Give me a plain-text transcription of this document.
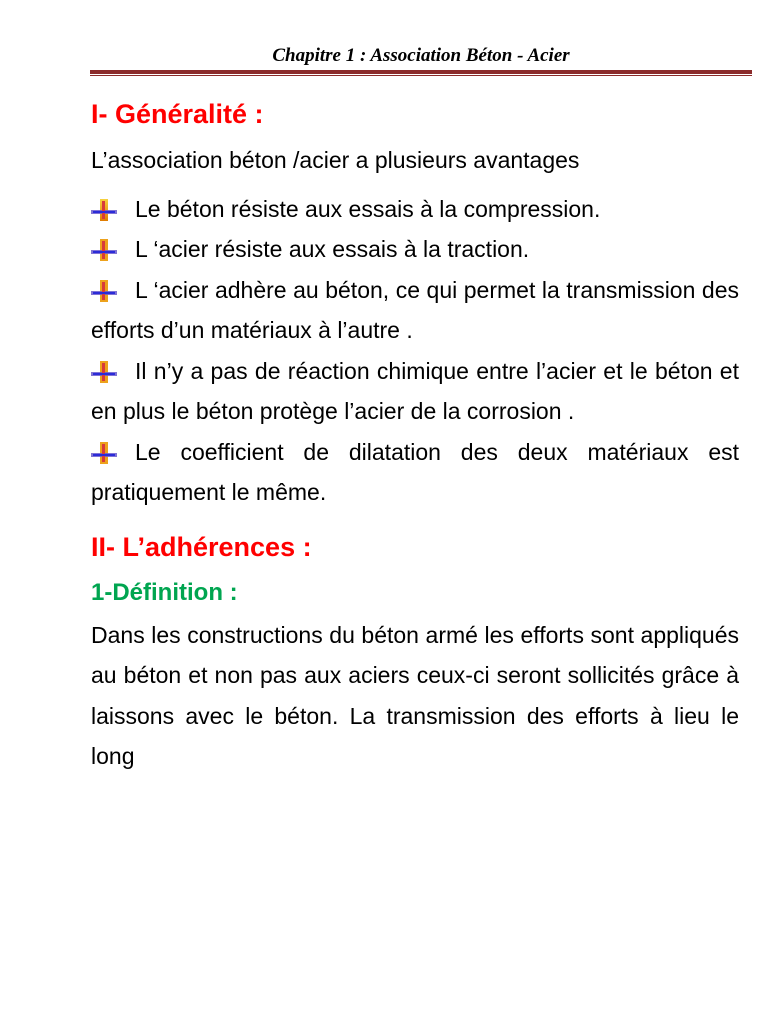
Chapitre 1 : Association Béton - Acier
I- Généralité :

L’association béton /acier a plusieurs avantages

Le béton résiste aux essais à la compression.
L ‘acier résiste aux essais à la traction.
L ‘acier adhère au béton, ce qui permet la transmission des efforts d’un matériaux à l’autre .
Il n’y a pas de réaction chimique entre l’acier et le béton et en plus le béton protège l’acier de la corrosion .
Le coefficient de dilatation des deux matériaux est pratiquement le même.
II- L’adhérences :
1-Définition :

Dans les constructions du béton armé les efforts sont appliqués au béton et non pas aux aciers ceux-ci seront sollicités grâce à laissons avec le béton. La transmission des efforts à lieu le long
